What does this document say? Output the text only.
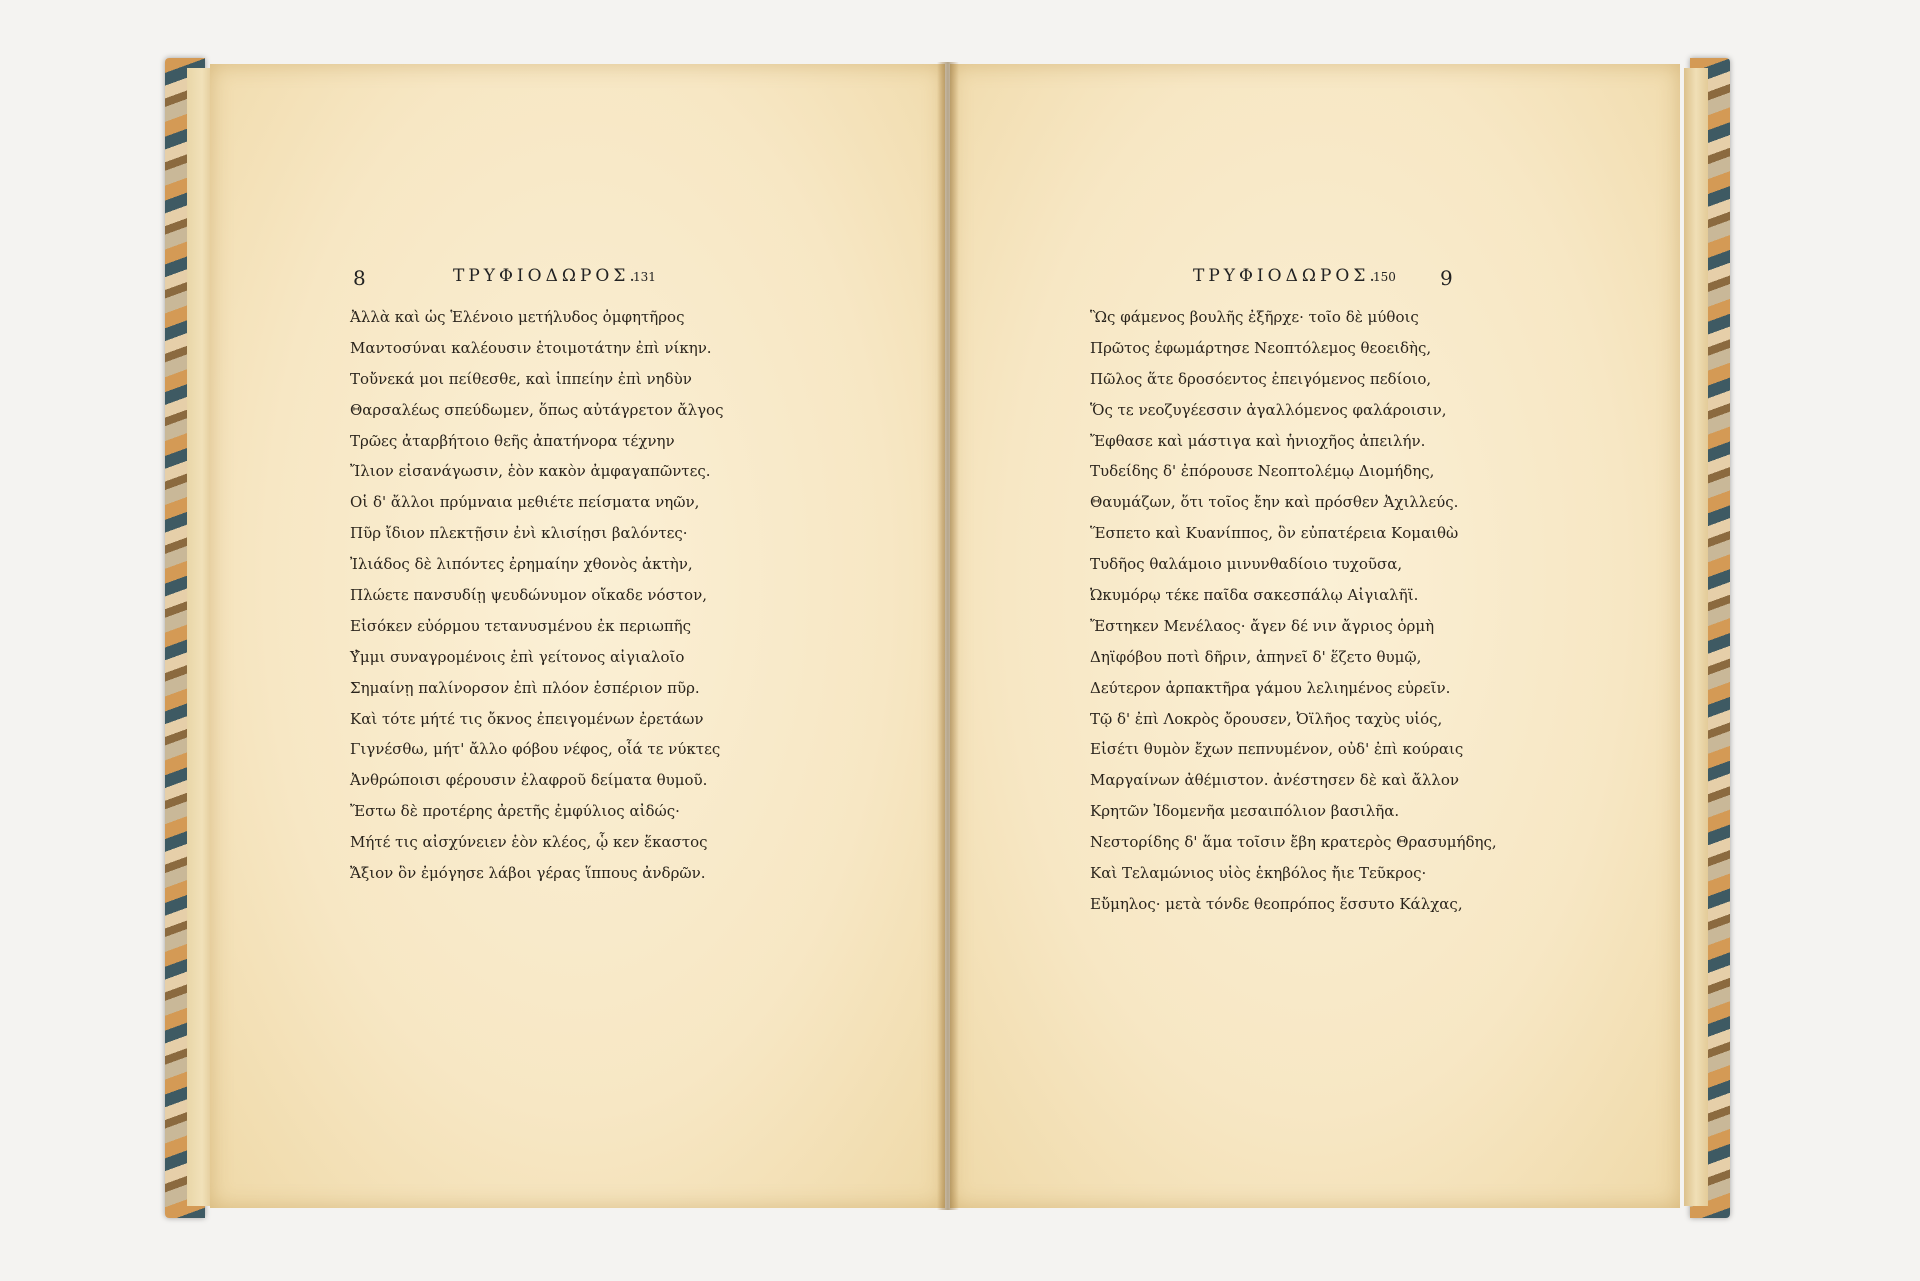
8	ΤΡΥΦΙΟΔΩΡΟΣ.
131
Ἀλλὰ καὶ ὡς Ἑλένοιο μετήλυδος ὀμφητῆρος
Μαντοσύναι καλέουσιν ἑτοιμοτάτην ἐπὶ νίκην.
Τοὔνεκά μοι πείθεσθε, καὶ ἱππείην ἐπὶ νηδὺν
Θαρσαλέως σπεύδωμεν, ὅπως αὐτάγρετον ἄλγος
Τρῶες ἀταρβήτοιο θεῆς ἀπατήνορα τέχνην
Ἴλιον εἰσανάγωσιν, ἑὸν κακὸν ἀμφαγαπῶντες.
Οἱ δ' ἄλλοι πρύμναια μεθιέτε πείσματα νηῶν,
Πῦρ ἴδιον πλεκτῇσιν ἐνὶ κλισίῃσι βαλόντες·
Ἰλιάδος δὲ λιπόντες ἐρημαίην χθονὸς ἀκτὴν,
Πλώετε πανσυδίῃ ψευδώνυμον οἴκαδε νόστον,
Εἰσόκεν εὐόρμου τετανυσμένου ἐκ περιωπῆς
Υ̓́μμι συναγρομένοις ἐπὶ γείτονος αἰγιαλοῖο
Σημαίνῃ παλίνορσον ἐπὶ πλόον ἑσπέριον πῦρ.
Καὶ τότε μήτέ τις ὄκνος ἐπειγομένων ἐρετάων
Γιγνέσθω, μήτ' ἄλλο φόβου νέφος, οἷά τε νύκτες
Ἀνθρώποισι φέρουσιν ἐλαφροῦ δείματα θυμοῦ.
Ἔστω δὲ προτέρης ἀρετῆς ἐμφύλιος αἰδώς·
Μήτέ τις αἰσχύνειεν ἑὸν κλέος, ᾧ κεν ἕκαστος
Ἄξιον ὃν ἐμόγησε λάβοι γέρας ἵππους ἀνδρῶν.
ΤΡΥΦΙΟΔΩΡΟΣ.
150 9
Ὣς φάμενος βουλῆς ἐξῆρχε· τοῖο δὲ μύθοις
Πρῶτος ἐφωμάρτησε Νεοπτόλεμος θεοειδὴς,
Πῶλος ἅτε δροσόεντος ἐπειγόμενος πεδίοιο,
Ὅς τε νεοζυγέεσσιν ἀγαλλόμενος φαλάροισιν,
Ἔφθασε καὶ μάστιγα καὶ ἡνιοχῆος ἀπειλήν.
Τυδείδης δ' ἐπόρουσε Νεοπτολέμῳ Διομήδης,
Θαυμάζων, ὅτι τοῖος ἔην καὶ πρόσθεν Ἀχιλλεύς.
Ἕσπετο καὶ Κυανίππος, ὃν εὐπατέρεια Κομαιθὼ
Τυδῆος θαλάμοιο μινυνθαδίοιο τυχοῦσα,
Ὠκυμόρῳ τέκε παῖδα σακεσπάλῳ Αἰγιαλῆϊ.
Ἔστηκεν Μενέλαος· ἄγεν δέ νιν ἄγριος ὁρμὴ
Δηϊφόβου ποτὶ δῆριν, ἀπηνεῖ δ' ἕζετο θυμῷ,
Δεύτερον ἁρπακτῆρα γάμου λελιημένος εὑρεῖν.
Τῷ δ' ἐπὶ Λοκρὸς ὄρουσεν, Ὀϊλῆος ταχὺς υἱός,
Εἰσέτι θυμὸν ἔχων πεπνυμένον, οὐδ' ἐπὶ κούραις
Μαργαίνων ἀθέμιστον. ἀνέστησεν δὲ καὶ ἄλλον
Κρητῶν Ἰδομενῆα μεσαιπόλιον βασιλῆα.
Νεστορίδης δ' ἅμα τοῖσιν ἔβη κρατερὸς Θρασυμήδης,
Καὶ Τελαμώνιος υἱὸς ἑκηβόλος ἤιε Τεῦκρος·
Εὔμηλος· μετὰ τόνδε θεοπρόπος ἕσσυτο Κάλχας,
